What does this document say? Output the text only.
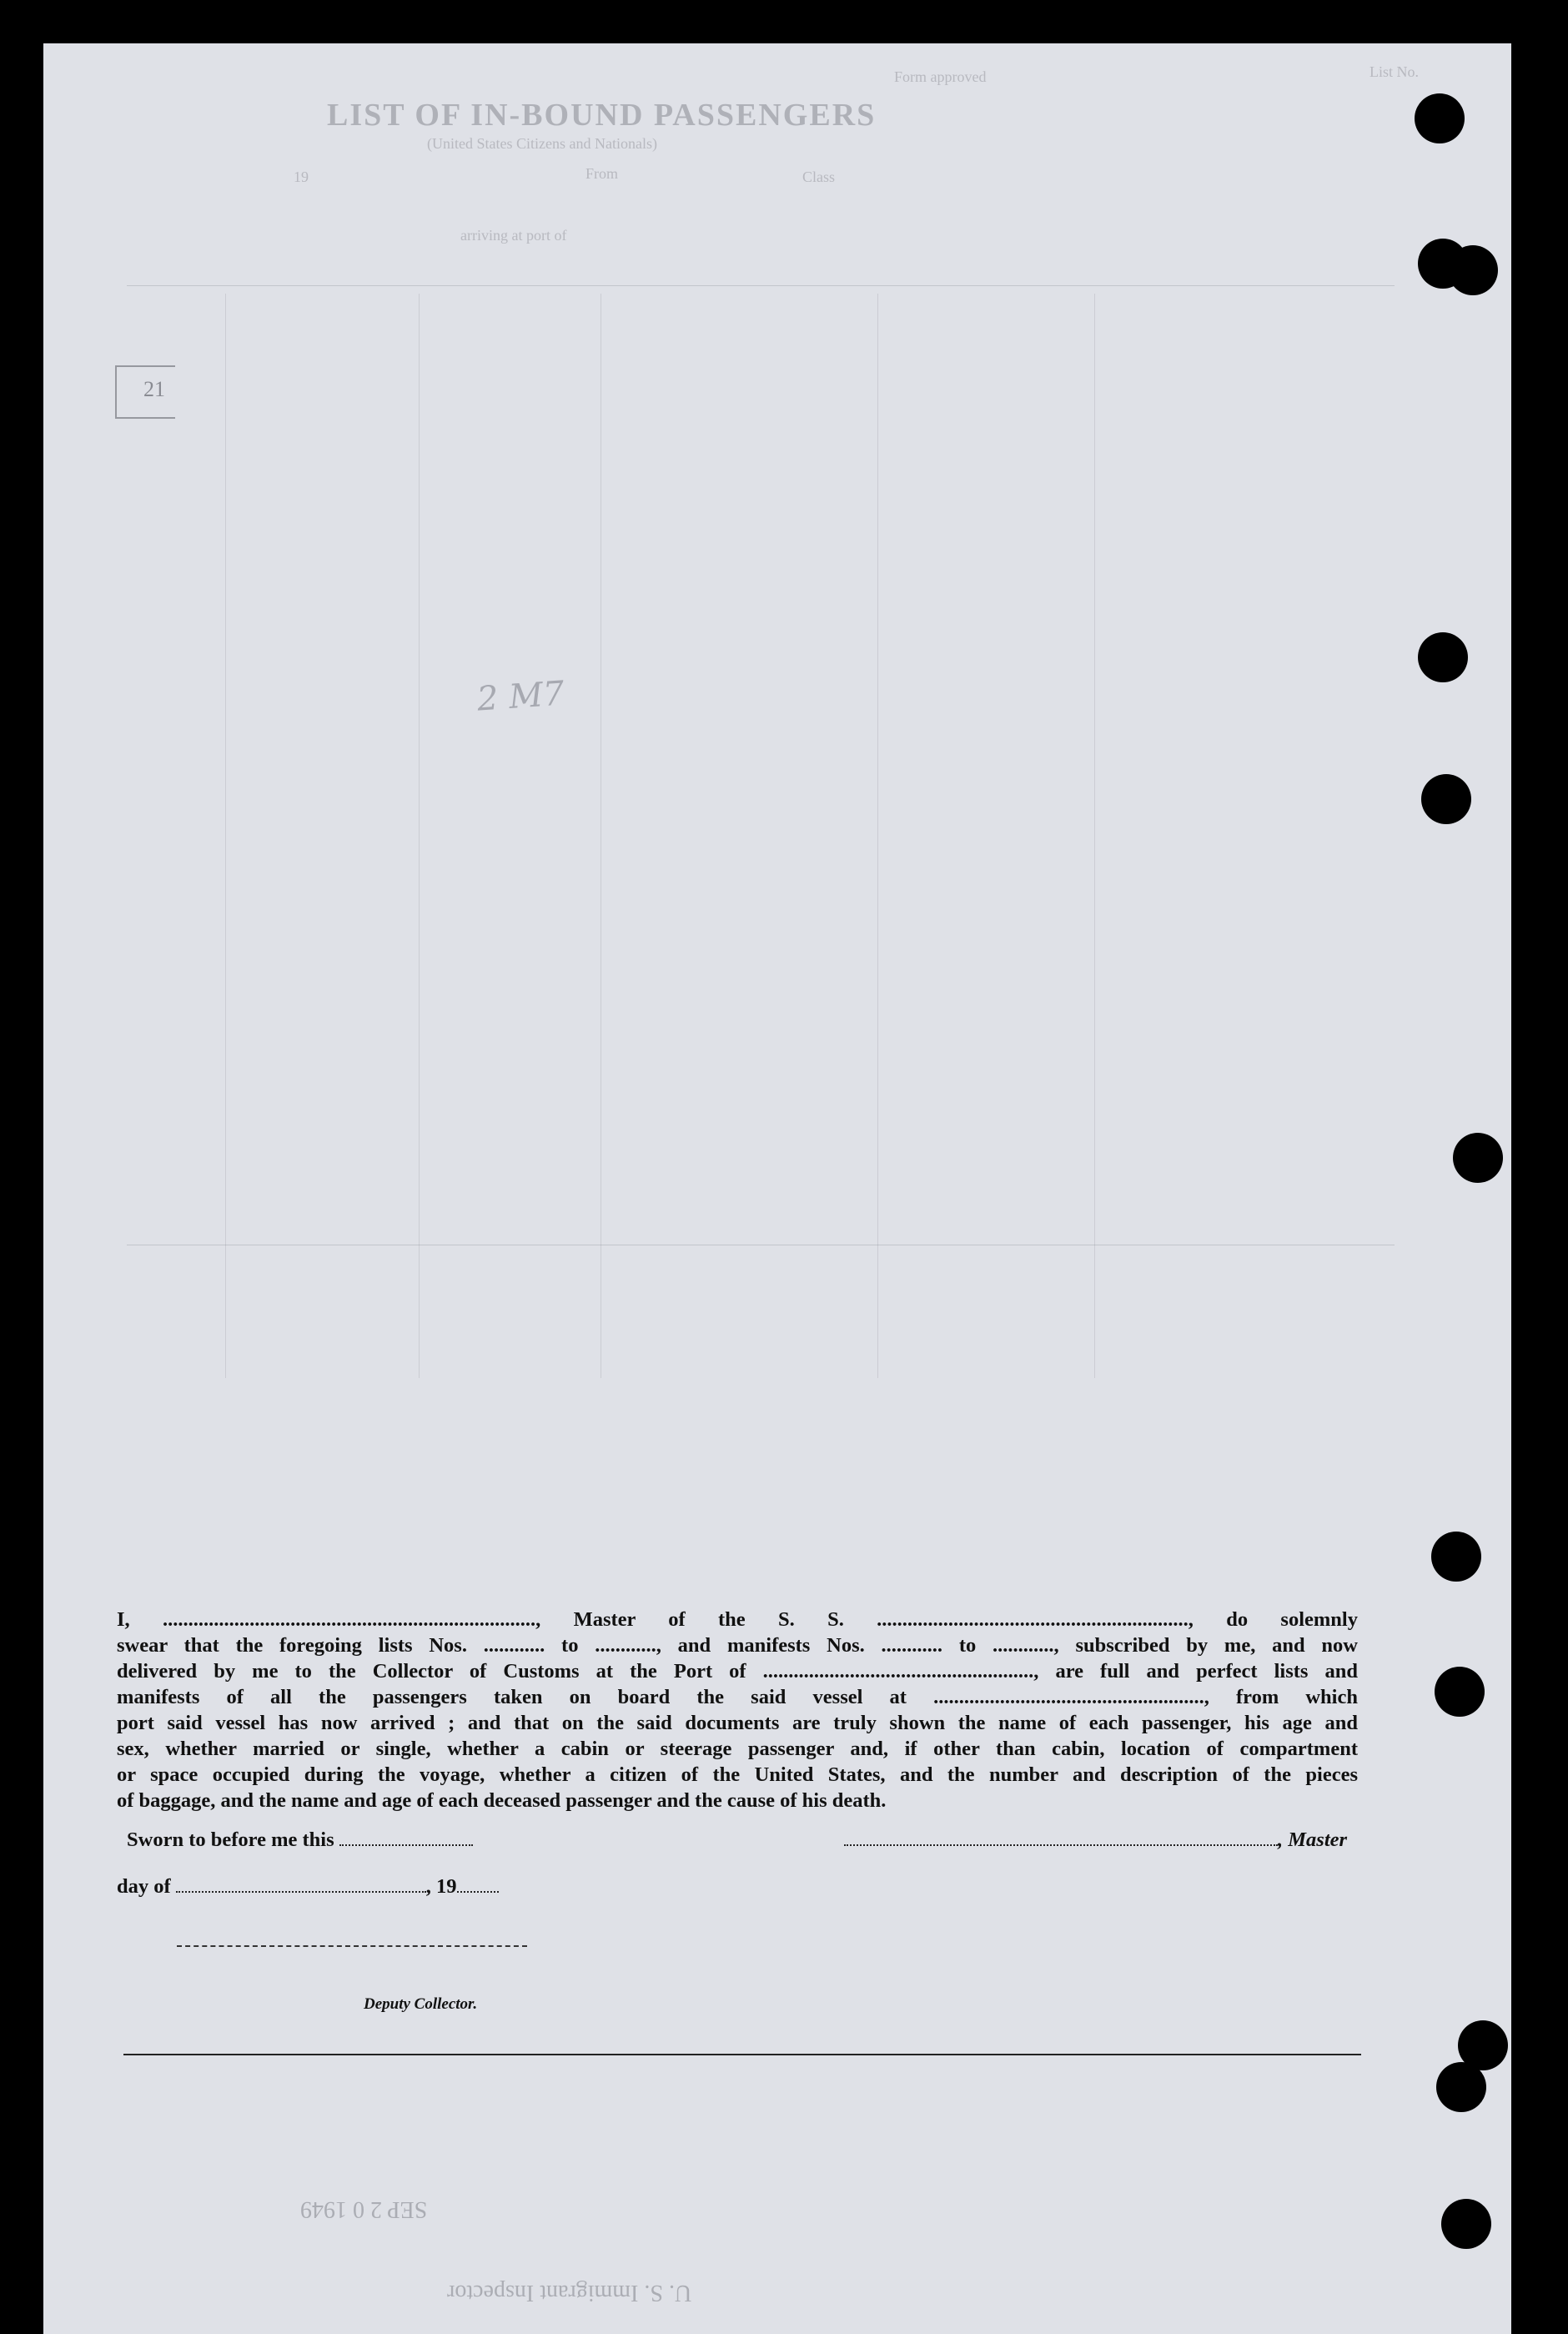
Form approved	List No.
LIST OF IN-BOUND PASSENGERS
(United States Citizens and Nationals)
19	From	Class
arriving at port of
21
2 M7
I, ........................................................................., Master of the S. S. ............................................................., do solemnly
swear that the foregoing lists Nos. ............ to ............, and manifests Nos. ............ to ............, subscribed by me, and now
delivered by me to the Collector of Customs at the Port of ....................................................., are full and perfect lists and
manifests of all the passengers taken on board the said vessel at ....................................................., from which
port said vessel has now arrived ; and that on the said documents are truly shown the name of each passenger, his age and
sex, whether married or single, whether a cabin or steerage passenger and, if other than cabin, location of compartment
or space occupied during the voyage, whether a citizen of the United States, and the number and description of the pieces
of baggage, and the name and age of each deceased passenger and the cause of his death.
Sworn to before me this	, Master
day of	, 19
Deputy Collector.
SEP 2 0 1949
U. S. Immigrant Inspector
